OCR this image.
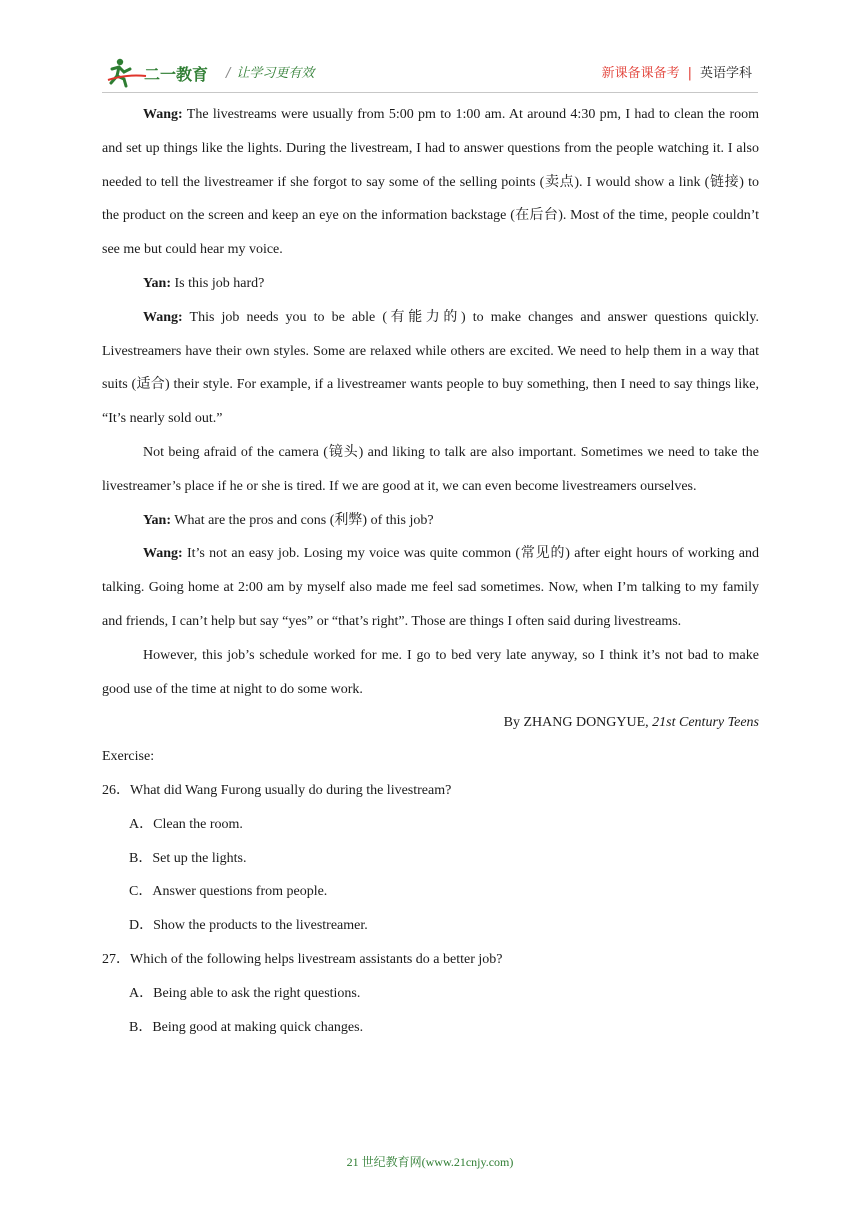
二一教育 / 让学习更有效	新课备课备考 | 英语学科

Wang: The livestreams were usually from 5:00 pm to 1:00 am. At around 4:30 pm, I had to clean the room and set up things like the lights. During the livestream, I had to answer questions from the people watching it. I also needed to tell the livestreamer if she forgot to say some of the selling points (卖点). I would show a link (链接) to the product on the screen and keep an eye on the information backstage (在后台). Most of the time, people couldn’t see me but could hear my voice.

Yan: Is this job hard?

Wang: This job needs you to be able (有能力的) to make changes and answer questions quickly. Livestreamers have their own styles. Some are relaxed while others are excited. We need to help them in a way that suits (适合) their style. For example, if a livestreamer wants people to buy something, then I need to say things like, “It’s nearly sold out.”

Not being afraid of the camera (镜头) and liking to talk are also important. Sometimes we need to take the livestreamer’s place if he or she is tired. If we are good at it, we can even become livestreamers ourselves.

Yan: What are the pros and cons (利弊) of this job?

Wang: It’s not an easy job. Losing my voice was quite common (常见的) after eight hours of working and talking. Going home at 2:00 am by myself also made me feel sad sometimes. Now, when I’m talking to my family and friends, I can’t help but say “yes” or “that’s right”. Those are things I often said during livestreams.

However, this job’s schedule worked for me. I go to bed very late anyway, so I think it’s not bad to make good use of the time at night to do some work.

By ZHANG DONGYUE, 21st Century Teens

Exercise:

26．What did Wang Furong usually do during the livestream?

A．Clean the room.

B．Set up the lights.

C．Answer questions from people.

D．Show the products to the livestreamer.

27．Which of the following helps livestream assistants do a better job?

A．Being able to ask the right questions.

B．Being good at making quick changes.

21 世纪教育网(www.21cnjy.com)
